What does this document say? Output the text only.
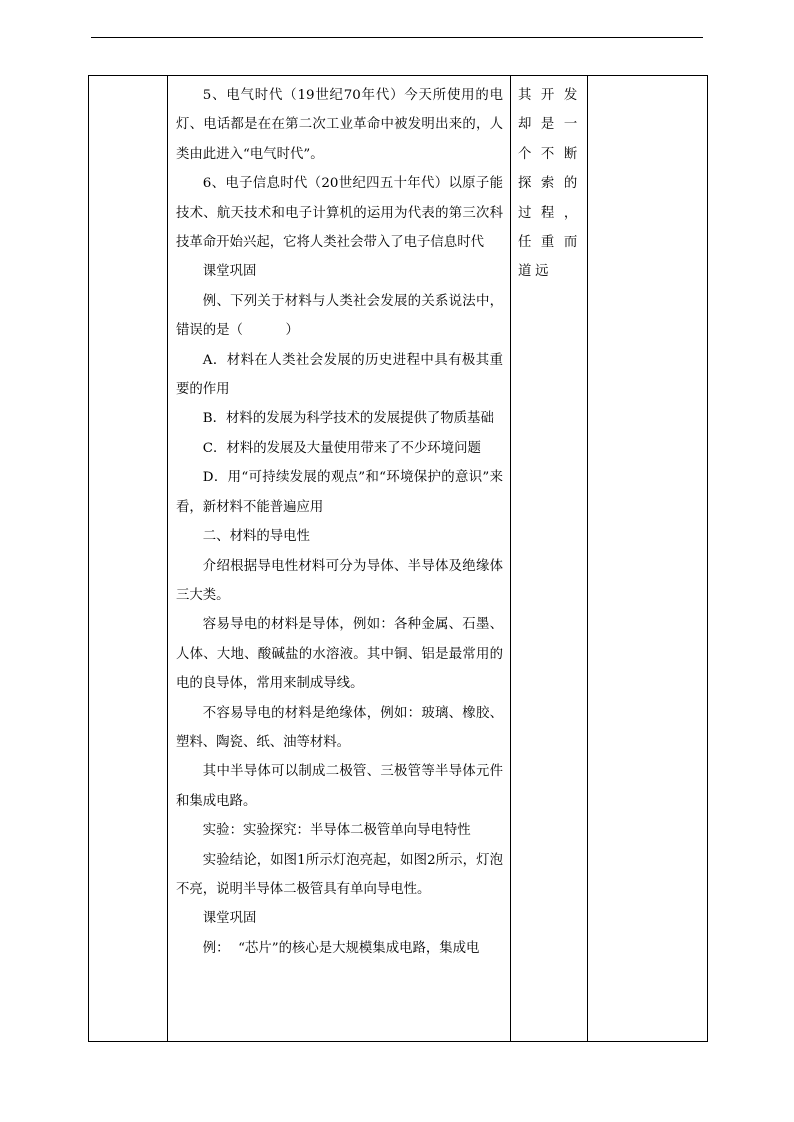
5、电气时代（19世纪70年代）今天所使用的电灯、电话都是在在第二次工业革命中被发明出来的，人类由此进入“电气时代”。

6、电子信息时代（20世纪四五十年代）以原子能技术、航天技术和电子计算机的运用为代表的第三次科技革命开始兴起，它将人类社会带入了电子信息时代

课堂巩固

例、下列关于材料与人类社会发展的关系说法中，错误的是（          ）

A．材料在人类社会发展的历史进程中具有极其重要的作用

B．材料的发展为科学技术的发展提供了物质基础

C．材料的发展及大量使用带来了不少环境问题

D．用“可持续发展的观点”和“环境保护的意识”来看，新材料不能普遍应用

二、材料的导电性

介绍根据导电性材料可分为导体、半导体及绝缘体三大类。

容易导电的材料是导体，例如：各种金属、石墨、人体、大地、酸碱盐的水溶液。其中铜、铝是最常用的电的良导体，常用来制成导线。

不容易导电的材料是绝缘体，例如：玻璃、橡胶、塑料、陶瓷、纸、油等材料。

其中半导体可以制成二极管、三极管等半导体元件和集成电路。

实验：实验探究：半导体二极管单向导电特性

实验结论，如图1所示灯泡亮起，如图2所示，灯泡不亮，说明半导体二极管具有单向导电性。

课堂巩固

例：  “芯片”的核心是大规模集成电路，集成电

其开发却是一个不断探索的过程，任重而道远
